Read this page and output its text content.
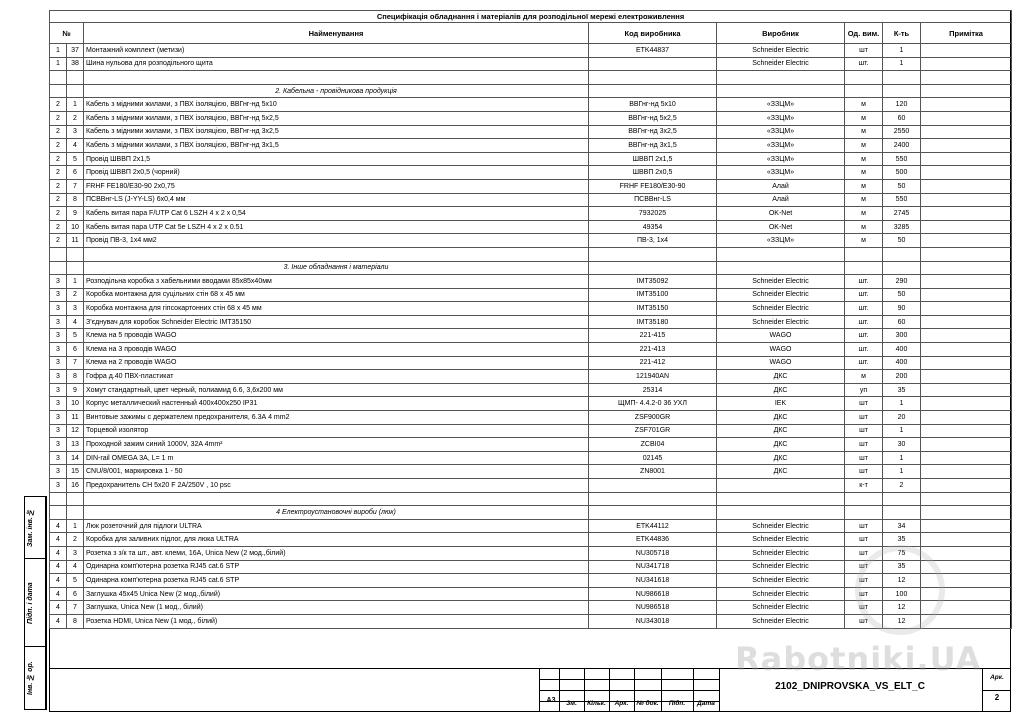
Специфікація обладнання і матеріалів для розподільної мережі електроживлення							
№		Найменування	Код виробника	Виробник	Од. вим.	К-ть	Примітка
1	37	Монтажний комплект (метизи)	ETK44837	Schneider Electric	шт	1	
1	38	Шина нульова для розподільного щита		Schneider Electric	шт.	1	

		2. Кабельна - провідникова продукція					
2	1	Кабель з мідними жилами, з ПВХ ізоляцією, ВВГнг-нд 5х10	ВВГнг-нд 5х10	«ЗЗЦМ»	м	120	
2	2	Кабель з мідними жилами, з ПВХ ізоляцією, ВВГнг-нд 5х2,5	ВВГнг-нд 5х2,5	«ЗЗЦМ»	м	60	
2	3	Кабель з мідними жилами, з ПВХ ізоляцією, ВВГнг-нд 3х2,5	ВВГнг-нд 3х2,5	«ЗЗЦМ»	м	2550	
2	4	Кабель з мідними жилами, з ПВХ ізоляцією, ВВГнг-нд 3х1,5	ВВГнг-нд 3х1,5	«ЗЗЦМ»	м	2400	
2	5	Провід ШВВП 2х1,5	ШВВП 2х1,5	«ЗЗЦМ»	м	550	
2	6	Провід ШВВП 2х0,5 (чорний)	ШВВП 2х0,5	«ЗЗЦМ»	м	500	
2	7	FRHF FE180/E30-90 2х0,75	FRHF FE180/E30-90	Алай	м	50	
2	8	ПСВВнг-LS (J-YY-LS) 6х0,4 мм	ПСВВнг-LS	Алай	м	550	
2	9	Кабель витая пара F/UTP Cat 6 LSZH 4 x 2 x 0,54	7932025	OK-Net	м	2745	
2	10	Кабель витая пара UTP Cat 5e LSZH 4 x 2 x 0.51	49354	OK-Net	м	3285	
2	11	Провід ПВ-3, 1х4 мм2	ПВ-3, 1х4	«ЗЗЦМ»	м	50	

		3. Інше обладнання і матеріали					
3	1	Розподільна коробка з хабельними вводами 85х85х40мм	IMT35092	Schneider Electric	шт.	290	
3	2	Коробка монтажна для суцільних стін 68 х 45 мм	IMT35100	Schneider Electric	шт.	50	
3	3	Коробка монтажна для гіпсокартонних стін 68 х 45 мм	IMT35150	Schneider Electric	шт.	90	
3	4	З'єднувач для коробок Schneider Electric IMT35150	IMT35180	Schneider Electric	шт.	60	
3	5	Клема на 5 проводів WAGO	221-415	WAGO	шт.	300	
3	6	Клема на 3 проводів WAGO	221-413	WAGO	шт.	400	
3	7	Клема на 2 проводів WAGO	221-412	WAGO	шт.	400	
3	8	Гофра д.40 ПВХ-пластикат	121940AN	ДКС	м	200	
3	9	Хомут стандартный, цвет черный, полиамид 6.6, 3,6х200 мм	25314	ДКС	уп	35	
3	10	Корпус металлический настенный 400х400х250 IP31	ЩМП- 4.4.2-0 36 УХЛ	IEK	шт	1	
3	11	Винтовые зажимы с держателем предохранителя, 6.3А 4 mm2	ZSF900GR	ДКС	шт	20	
3	12	Торцевой изолятор	ZSF701GR	ДКС	шт	1	
3	13	Проходной зажим синий 1000V, 32A 4mm²	ZCBI04	ДКС	шт	30	
3	14	DIN-rail OMEGA 3A, L= 1 m	02145	ДКС	шт	1	
3	15	CNU/8/001, маркировка 1 - 50	ZN8001	ДКС	шт	1	
3	16	Предохранитель CH 5x20 F 2A/250V , 10 psc			к-т	2	

		4 Електроустановочні вироби (люк)					
4	1	Люк розеточний для підлоги ULTRA	ETK44112	Schneider Electric	шт	34	
4	2	Коробка для заливних підлог, для люка ULTRA	ETK44836	Schneider Electric	шт	35	
4	3	Розетка з з/к та шт., авт. клеми, 16А, Unica New (2 мод.,білий)	NU305718	Schneider Electric	шт	75	
4	4	Одинарна комп'ютерна розетка RJ45 cat.6 STP	NU341718	Schneider Electric	шт	35	
4	5	Одинарна комп'ютерна розетка RJ45 cat.6 STP	NU341618	Schneider Electric	шт	12	
4	6	Заглушка 45х45 Unica New (2 мод.,білий)	NU986618	Schneider Electric	шт	100	
4	7	Заглушка, Unica New (1 мод., білий)	NU986518	Schneider Electric	шт	12	
4	8	Розетка HDMI, Unica New (1 мод., білий)	NU343018	Schneider Electric	шт	12	
Зам. інв. №
Підп. і дата
Інв. № ор.
А3	Зм.	Кільк.	Арк.	№ док.	Підп.	Дата
2102_DNIPROVSKA_VS_ELT_C
Арк.
2
Rabotniki.UA
